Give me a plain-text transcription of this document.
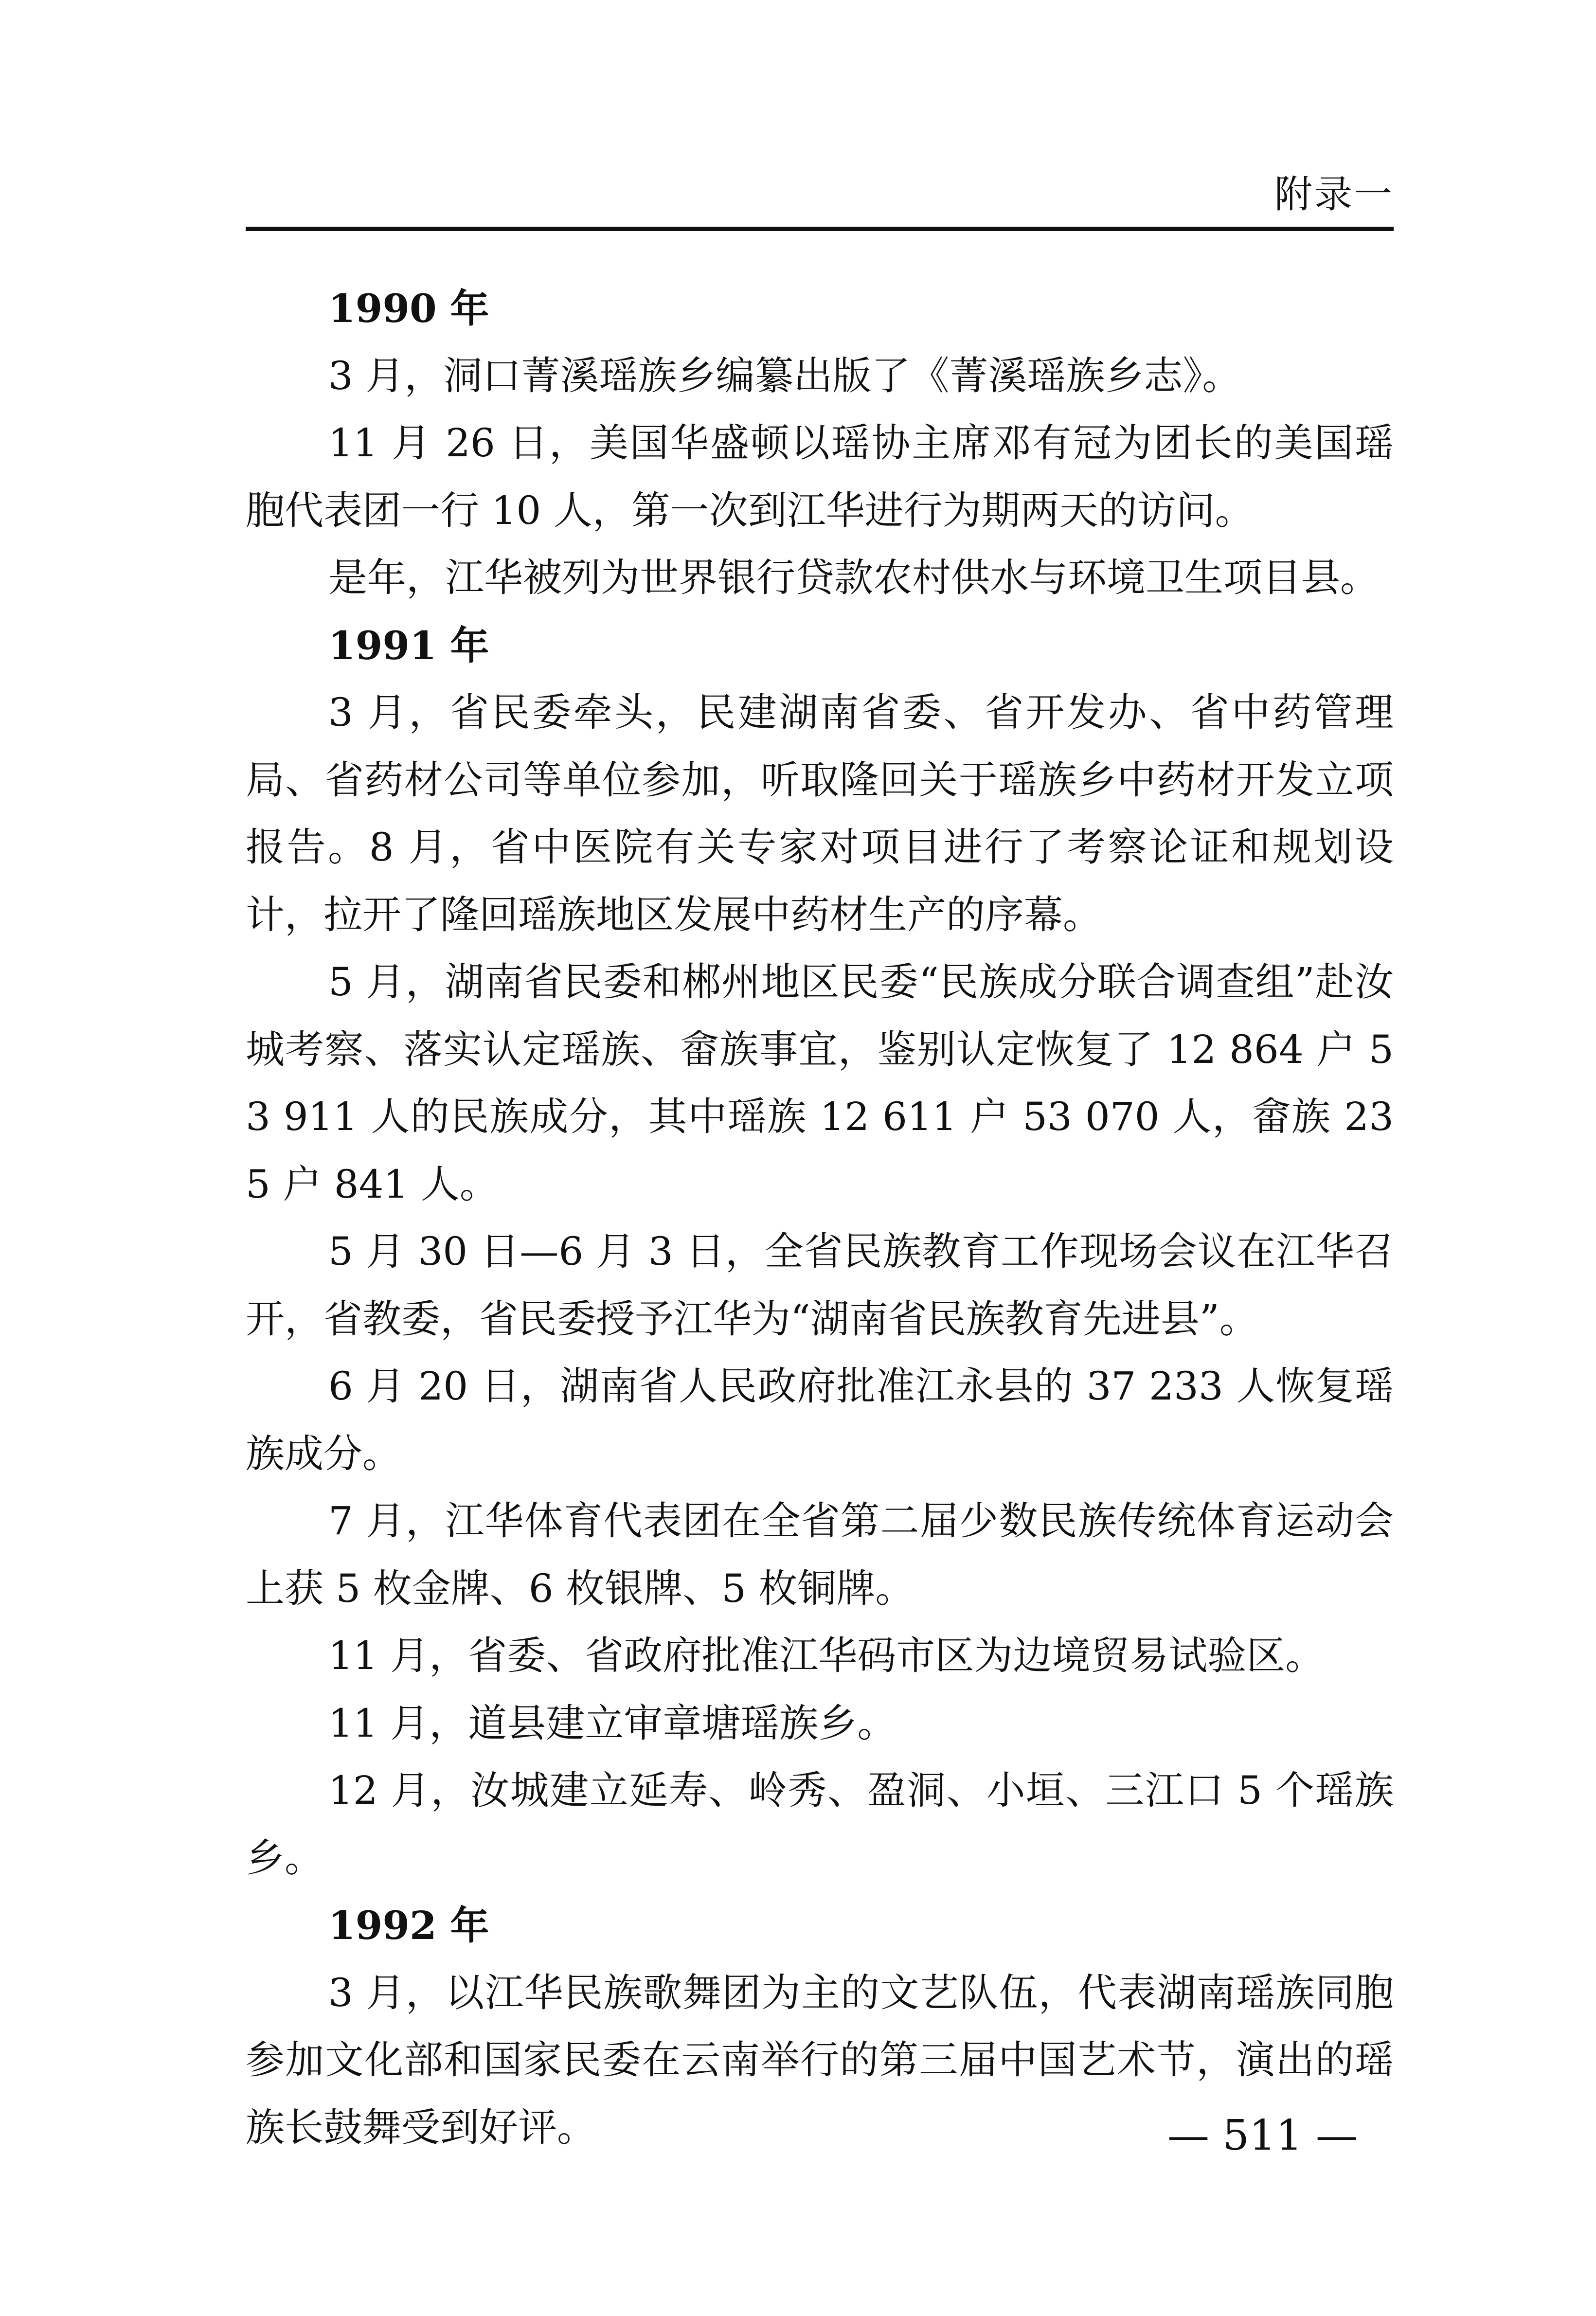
附录一

1990 年

3 月，洞口菁溪瑶族乡编纂出版了《菁溪瑶族乡志》。

11 月 26 日，美国华盛顿以瑶协主席邓有冠为团长的美国瑶胞代表团一行 10 人，第一次到江华进行为期两天的访问。

是年，江华被列为世界银行贷款农村供水与环境卫生项目县。

1991 年

3 月，省民委牵头，民建湖南省委、省开发办、省中药管理局、省药材公司等单位参加，听取隆回关于瑶族乡中药材开发立项报告。8 月，省中医院有关专家对项目进行了考察论证和规划设计，拉开了隆回瑶族地区发展中药材生产的序幕。

5 月，湖南省民委和郴州地区民委“民族成分联合调查组”赴汝城考察、落实认定瑶族、畲族事宜，鉴别认定恢复了 12 864 户 53 911 人的民族成分，其中瑶族 12 611 户 53 070 人，畲族 235 户 841 人。

5 月 30 日—6 月 3 日，全省民族教育工作现场会议在江华召开，省教委，省民委授予江华为“湖南省民族教育先进县”。

6 月 20 日，湖南省人民政府批准江永县的 37 233 人恢复瑶族成分。

7 月，江华体育代表团在全省第二届少数民族传统体育运动会上获 5 枚金牌、6 枚银牌、5 枚铜牌。

11 月，省委、省政府批准江华码市区为边境贸易试验区。

11 月，道县建立审章塘瑶族乡。

12 月，汝城建立延寿、岭秀、盈洞、小垣、三江口 5 个瑶族乡。

1992 年

3 月，以江华民族歌舞团为主的文艺队伍，代表湖南瑶族同胞参加文化部和国家民委在云南举行的第三届中国艺术节，演出的瑶族长鼓舞受到好评。	— 511 —
